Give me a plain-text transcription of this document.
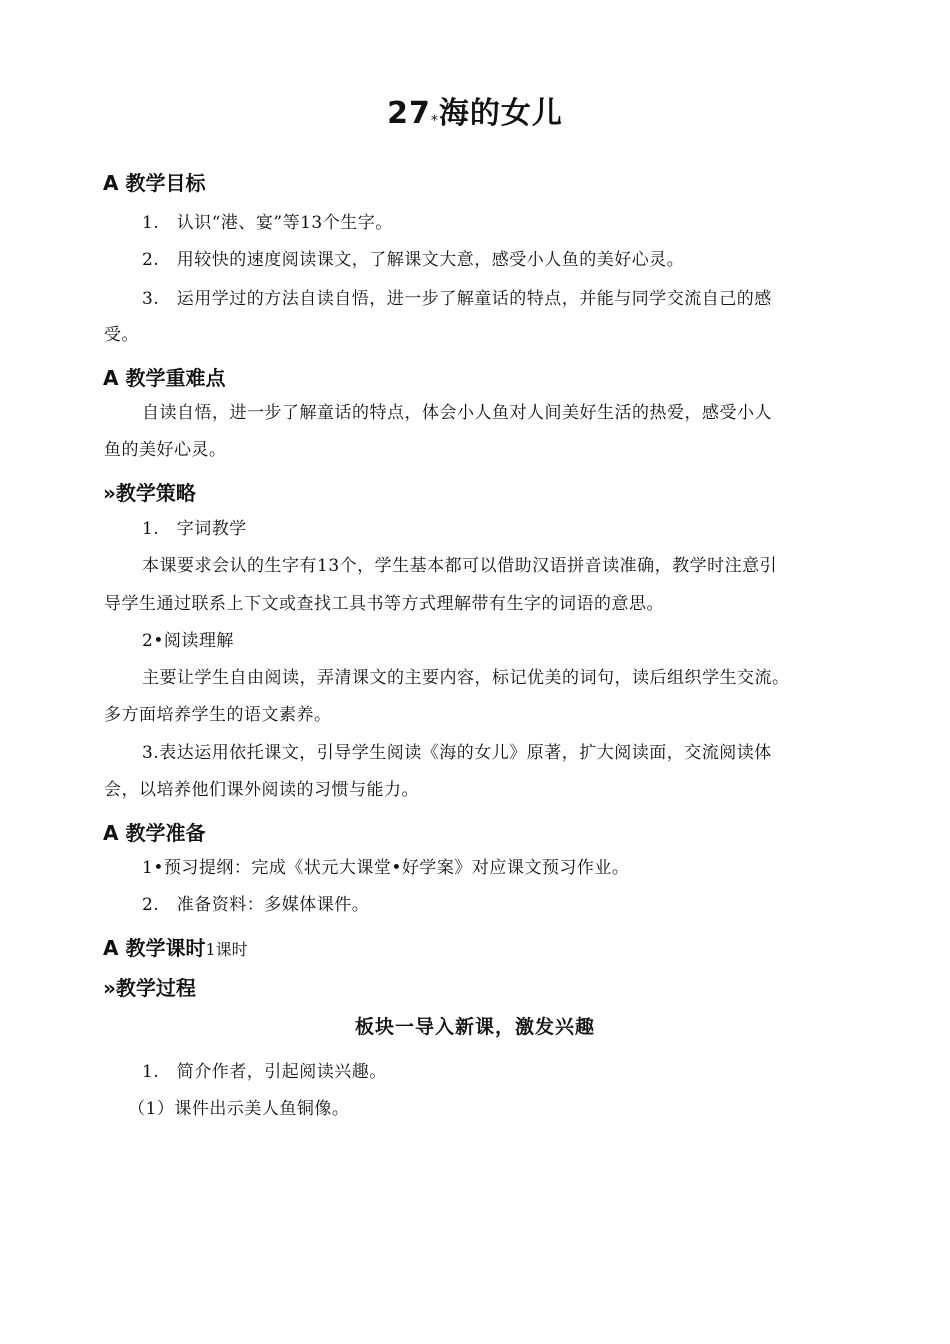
27*海的女儿
A 教学目标
1.　认识“港、宴”等13个生字。
2.　用较快的速度阅读课文，了解课文大意，感受小人鱼的美好心灵。
3.　运用学过的方法自读自悟，进一步了解童话的特点，并能与同学交流自己的感
受。
A 教学重难点
自读自悟，进一步了解童话的特点，体会小人鱼对人间美好生活的热爱，感受小人
鱼的美好心灵。
»教学策略
1.　字词教学
本课要求会认的生字有13个，学生基本都可以借助汉语拼音读准确，教学时注意引
导学生通过联系上下文或查找工具书等方式理解带有生字的词语的意思。
2•阅读理解
主要让学生自由阅读，弄清课文的主要内容，标记优美的词句，读后组织学生交流。
多方面培养学生的语文素养。
3.表达运用依托课文，引导学生阅读《海的女儿》原著，扩大阅读面，交流阅读体
会，以培养他们课外阅读的习惯与能力。
A 教学准备
1•预习提纲：完成《状元大课堂•好学案》对应课文预习作业。
2.　准备资料：多媒体课件。
A 教学课时1课时
»教学过程
板块一导入新课，激发兴趣
1.　简介作者，引起阅读兴趣。
（1）课件出示美人鱼铜像。
